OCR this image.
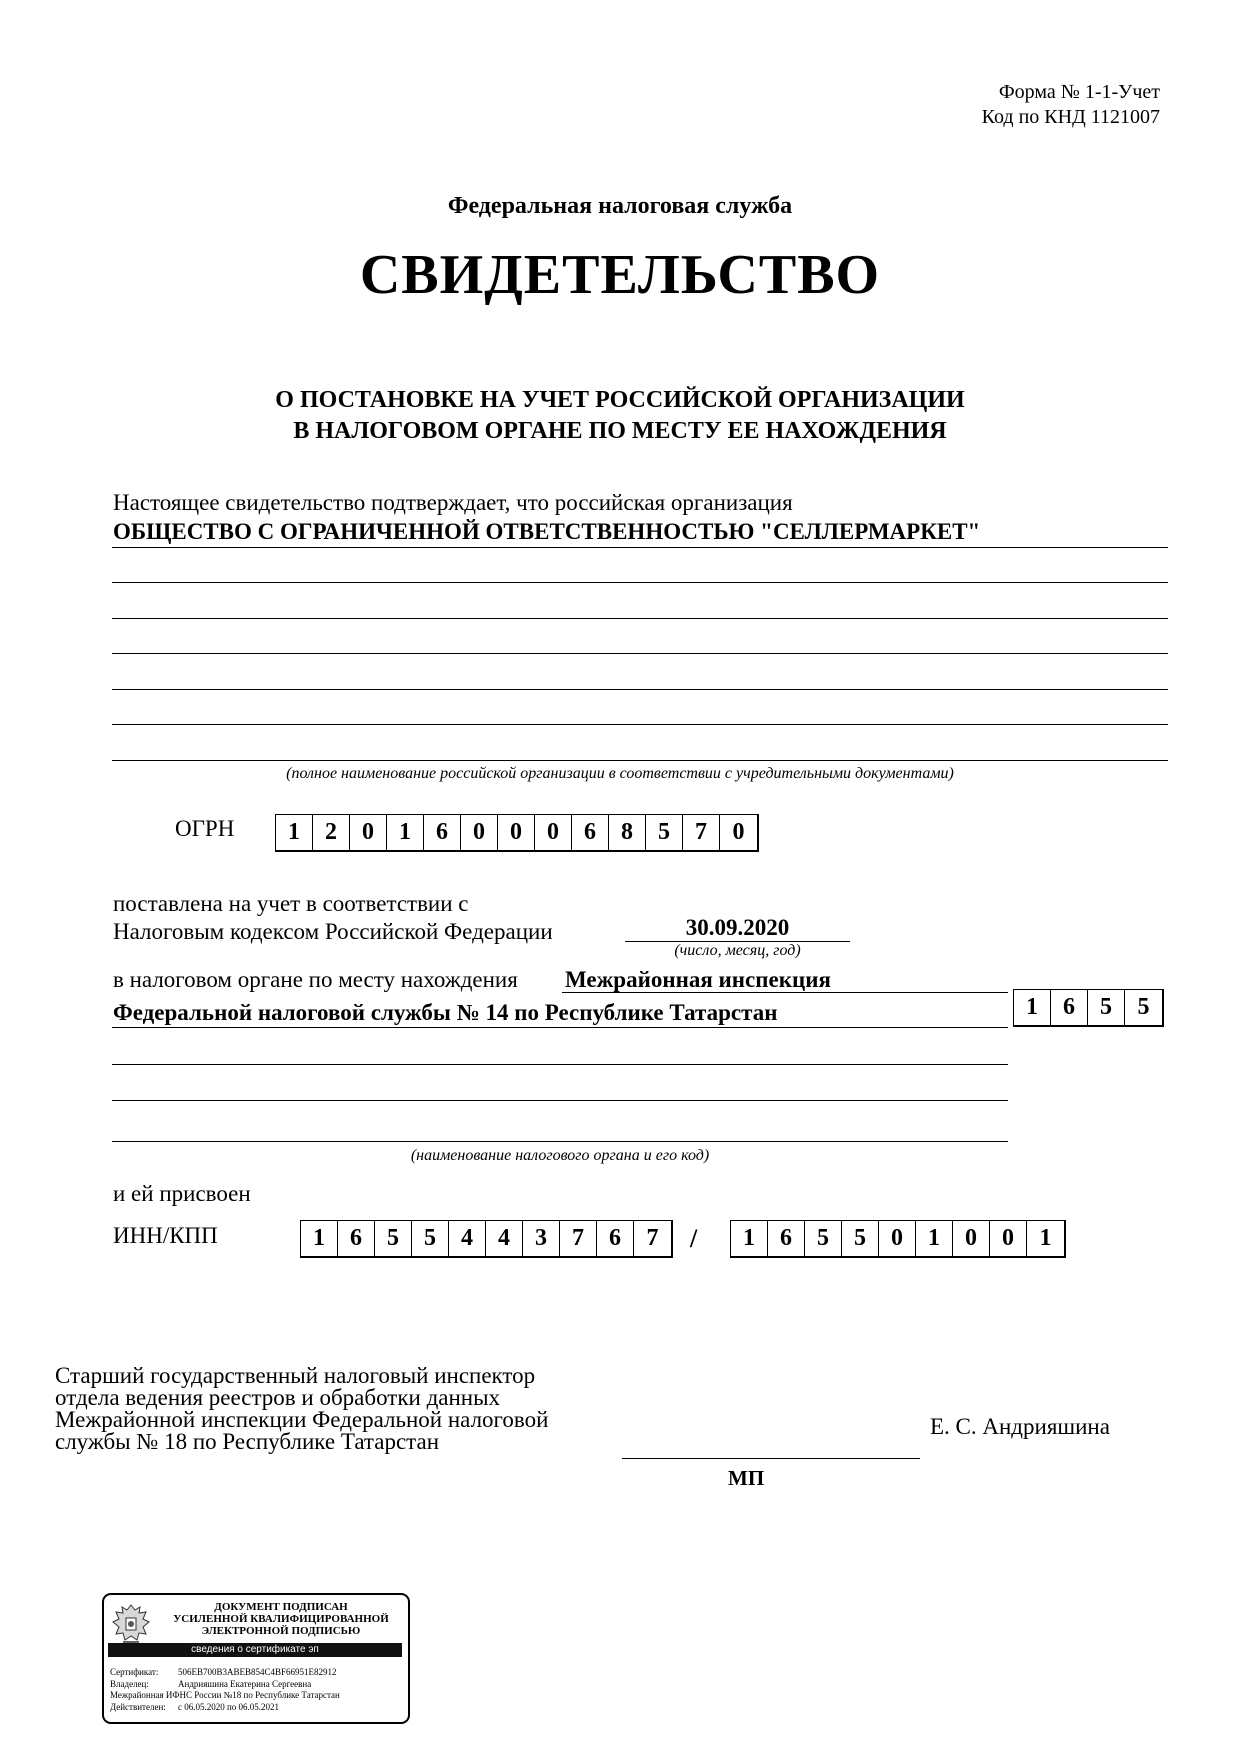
Форма № 1-1-Учет
Код по КНД 1121007
Федеральная налоговая служба
СВИДЕТЕЛЬСТВО
О ПОСТАНОВКЕ НА УЧЕТ РОССИЙСКОЙ ОРГАНИЗАЦИИ
В НАЛОГОВОМ ОРГАНЕ ПО МЕСТУ ЕЕ НАХОЖДЕНИЯ
Настоящее свидетельство подтверждает, что российская организация
ОБЩЕСТВО С ОГРАНИЧЕННОЙ ОТВЕТСТВЕННОСТЬЮ "СЕЛЛЕРМАРКЕТ"
(полное наименование российской организации в соответствии с учредительными документами)
ОГРН	1	2	0	1	6	0	0	0	6	8	5	7	0
поставлена на учет в соответствии с
Налоговым кодексом Российской Федерации	30.09.2020
(число, месяц, год)
в налоговом органе по месту нахождения Межрайонная инспекция
Федеральной налоговой службы № 14 по Республике Татарстан	1	6	5	5
(наименование налогового органа и его код)
и ей присвоен
ИНН/КПП	1	6	5	5	4	4	3	7	6	7	/	1	6	5	5	0	1	0	0	1
Старший государственный налоговый инспектор
отдела ведения реестров и обработки данных
Межрайонной инспекции Федеральной налоговой
службы № 18 по Республике Татарстан
Е. С. Андрияшина
МП
ДОКУМЕНТ ПОДПИСАН
УСИЛЕННОЙ КВАЛИФИЦИРОВАННОЙ
ЭЛЕКТРОННОЙ ПОДПИСЬЮ
сведения о сертификате эп
Сертификат: 506EB700B3ABEB854C4BF66951E82912
Владелец:	Андрияшина Екатерина Сергеевна
Межрайонная ИФНС России №18 по Республике Татарстан
Действителен: с 06.05.2020 по 06.05.2021
